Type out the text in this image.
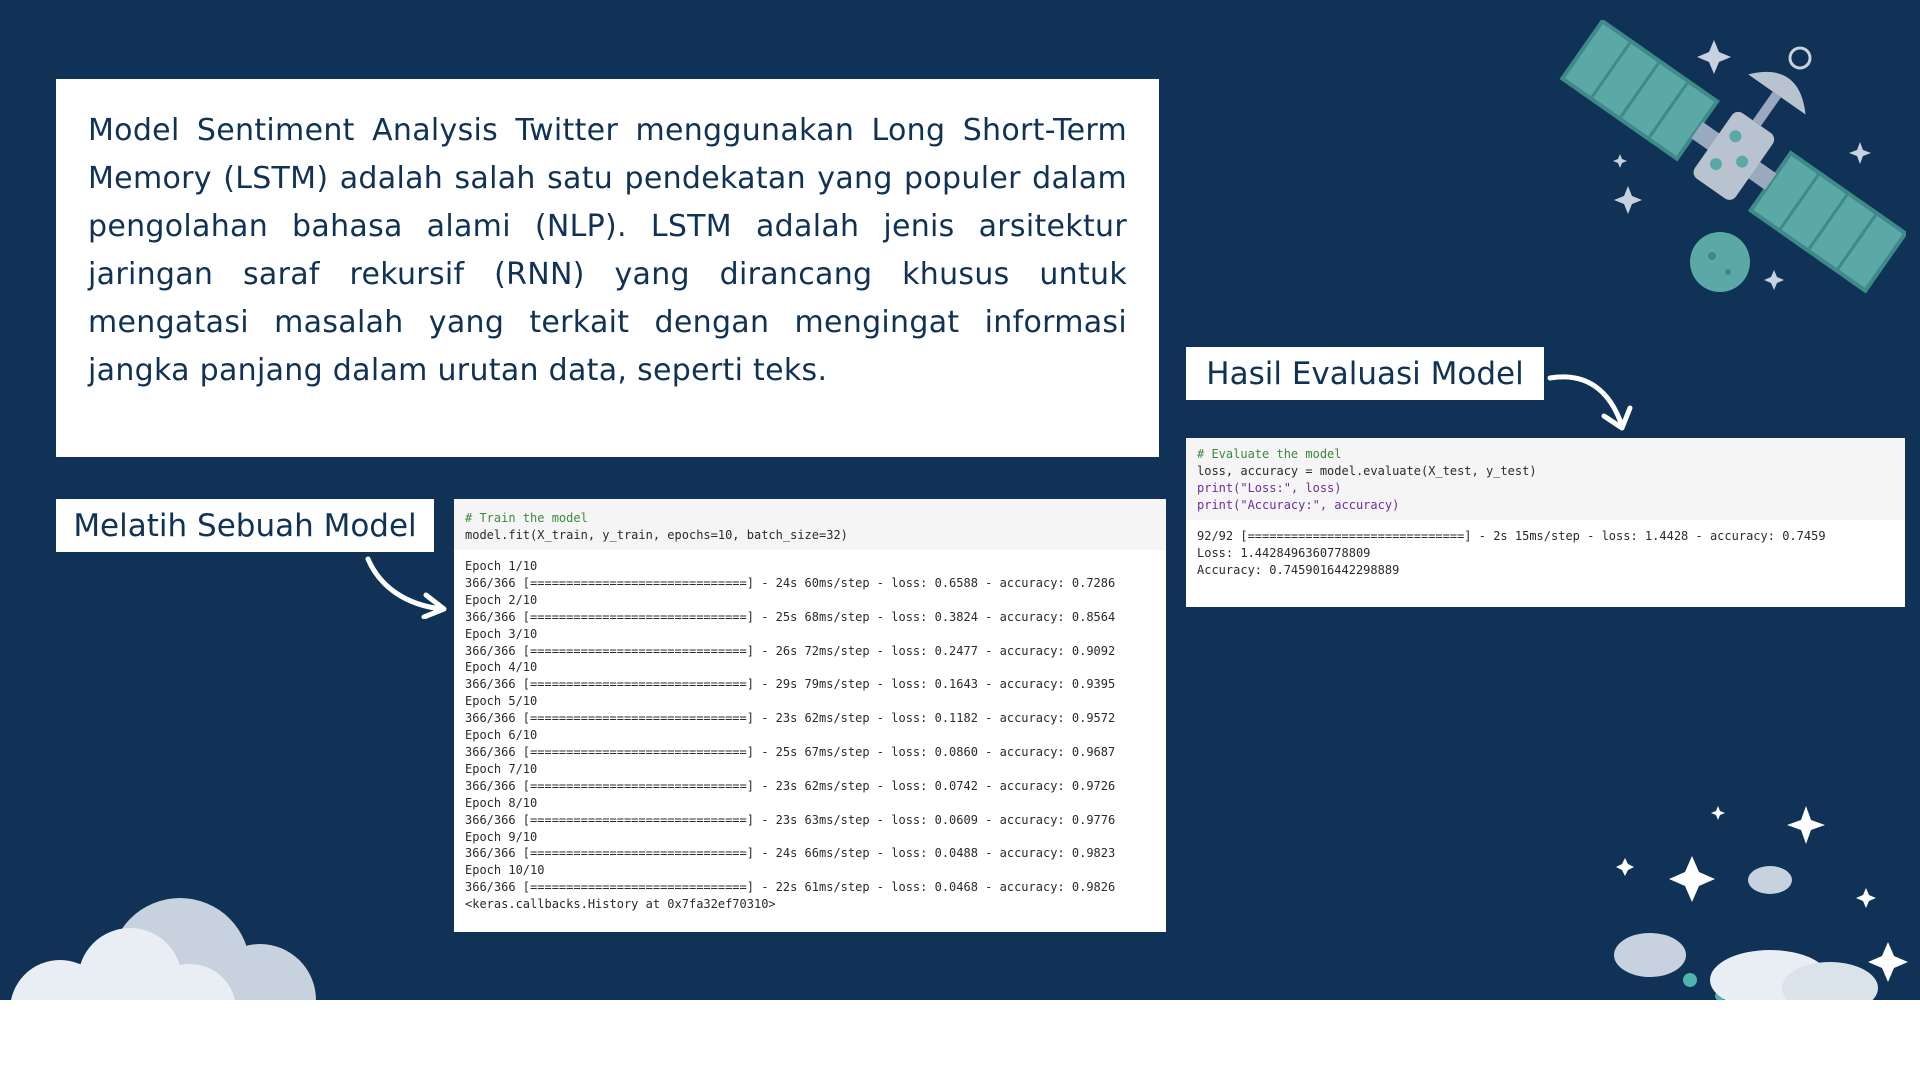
Model Sentiment Analysis Twitter menggunakan Long Short-Term Memory (LSTM) adalah salah satu pendekatan yang populer dalam pengolahan bahasa alami (NLP). LSTM adalah jenis arsitektur jaringan saraf rekursif (RNN) yang dirancang khusus untuk mengatasi masalah yang terkait dengan mengingat informasi jangka panjang dalam urutan data, seperti teks.

Melatih Sebuah Model	# Train the model
model.fit(X_train, y_train, epochs=10, batch_size=32)
Epoch 1/10
366/366 [==============================] - 24s 60ms/step - loss: 0.6588 - accuracy: 0.7286
Epoch 2/10
366/366 [==============================] - 25s 68ms/step - loss: 0.3824 - accuracy: 0.8564
Epoch 3/10
366/366 [==============================] - 26s 72ms/step - loss: 0.2477 - accuracy: 0.9092
Epoch 4/10
366/366 [==============================] - 29s 79ms/step - loss: 0.1643 - accuracy: 0.9395
Epoch 5/10
366/366 [==============================] - 23s 62ms/step - loss: 0.1182 - accuracy: 0.9572
Epoch 6/10
366/366 [==============================] - 25s 67ms/step - loss: 0.0860 - accuracy: 0.9687
Epoch 7/10
366/366 [==============================] - 23s 62ms/step - loss: 0.0742 - accuracy: 0.9726
Epoch 8/10
366/366 [==============================] - 23s 63ms/step - loss: 0.0609 - accuracy: 0.9776
Epoch 9/10
366/366 [==============================] - 24s 66ms/step - loss: 0.0488 - accuracy: 0.9823
Epoch 10/10
366/366 [==============================] - 22s 61ms/step - loss: 0.0468 - accuracy: 0.9826
<keras.callbacks.History at 0x7fa32ef70310>
Hasil Evaluasi Model
# Evaluate the model
loss, accuracy = model.evaluate(X_test, y_test)
print("Loss:", loss)
print("Accuracy:", accuracy)
92/92 [==============================] - 2s 15ms/step - loss: 1.4428 - accuracy: 0.7459
Loss: 1.4428496360778809
Accuracy: 0.7459016442298889
